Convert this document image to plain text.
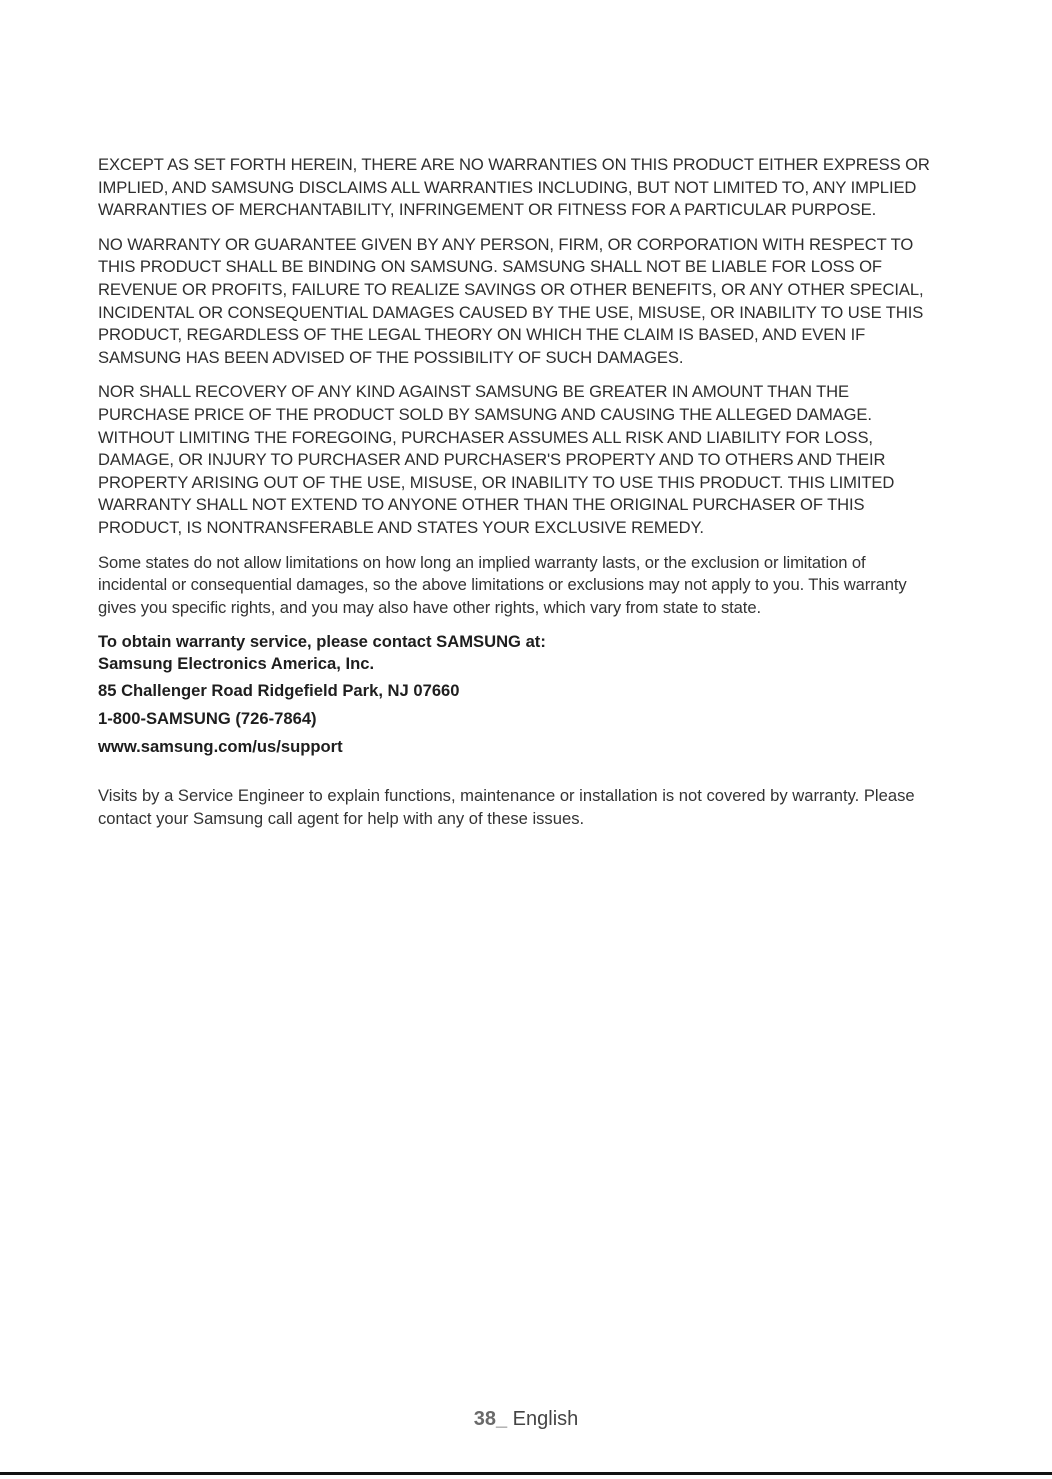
EXCEPT AS SET FORTH HEREIN, THERE ARE NO WARRANTIES ON THIS PRODUCT EITHER EXPRESS OR IMPLIED, AND SAMSUNG DISCLAIMS ALL WARRANTIES INCLUDING, BUT NOT LIMITED TO, ANY IMPLIED WARRANTIES OF MERCHANTABILITY, INFRINGEMENT OR FITNESS FOR A PARTICULAR PURPOSE.

NO WARRANTY OR GUARANTEE GIVEN BY ANY PERSON, FIRM, OR CORPORATION WITH RESPECT TO THIS PRODUCT SHALL BE BINDING ON SAMSUNG. SAMSUNG SHALL NOT BE LIABLE FOR LOSS OF REVENUE OR PROFITS, FAILURE TO REALIZE SAVINGS OR OTHER BENEFITS, OR ANY OTHER SPECIAL, INCIDENTAL OR CONSEQUENTIAL DAMAGES CAUSED BY THE USE, MISUSE, OR INABILITY TO USE THIS PRODUCT, REGARDLESS OF THE LEGAL THEORY ON WHICH THE CLAIM IS BASED, AND EVEN IF SAMSUNG HAS BEEN ADVISED OF THE POSSIBILITY OF SUCH DAMAGES.

NOR SHALL RECOVERY OF ANY KIND AGAINST SAMSUNG BE GREATER IN AMOUNT THAN THE PURCHASE PRICE OF THE PRODUCT SOLD BY SAMSUNG AND CAUSING THE ALLEGED DAMAGE. WITHOUT LIMITING THE FOREGOING, PURCHASER ASSUMES ALL RISK AND LIABILITY FOR LOSS, DAMAGE, OR INJURY TO PURCHASER AND PURCHASER'S PROPERTY AND TO OTHERS AND THEIR PROPERTY ARISING OUT OF THE USE, MISUSE, OR INABILITY TO USE THIS PRODUCT. THIS LIMITED WARRANTY SHALL NOT EXTEND TO ANYONE OTHER THAN THE ORIGINAL PURCHASER OF THIS PRODUCT, IS NONTRANSFERABLE AND STATES YOUR EXCLUSIVE REMEDY.

Some states do not allow limitations on how long an implied warranty lasts, or the exclusion or limitation of incidental or consequential damages, so the above limitations or exclusions may not apply to you. This warranty gives you specific rights, and you may also have other rights, which vary from state to state.

To obtain warranty service, please contact SAMSUNG at:
Samsung Electronics America, Inc.
85 Challenger Road Ridgefield Park, NJ 07660
1-800-SAMSUNG (726-7864)
www.samsung.com/us/support
Visits by a Service Engineer to explain functions, maintenance or installation is not covered by warranty. Please contact your Samsung call agent for help with any of these issues.
38_ English
